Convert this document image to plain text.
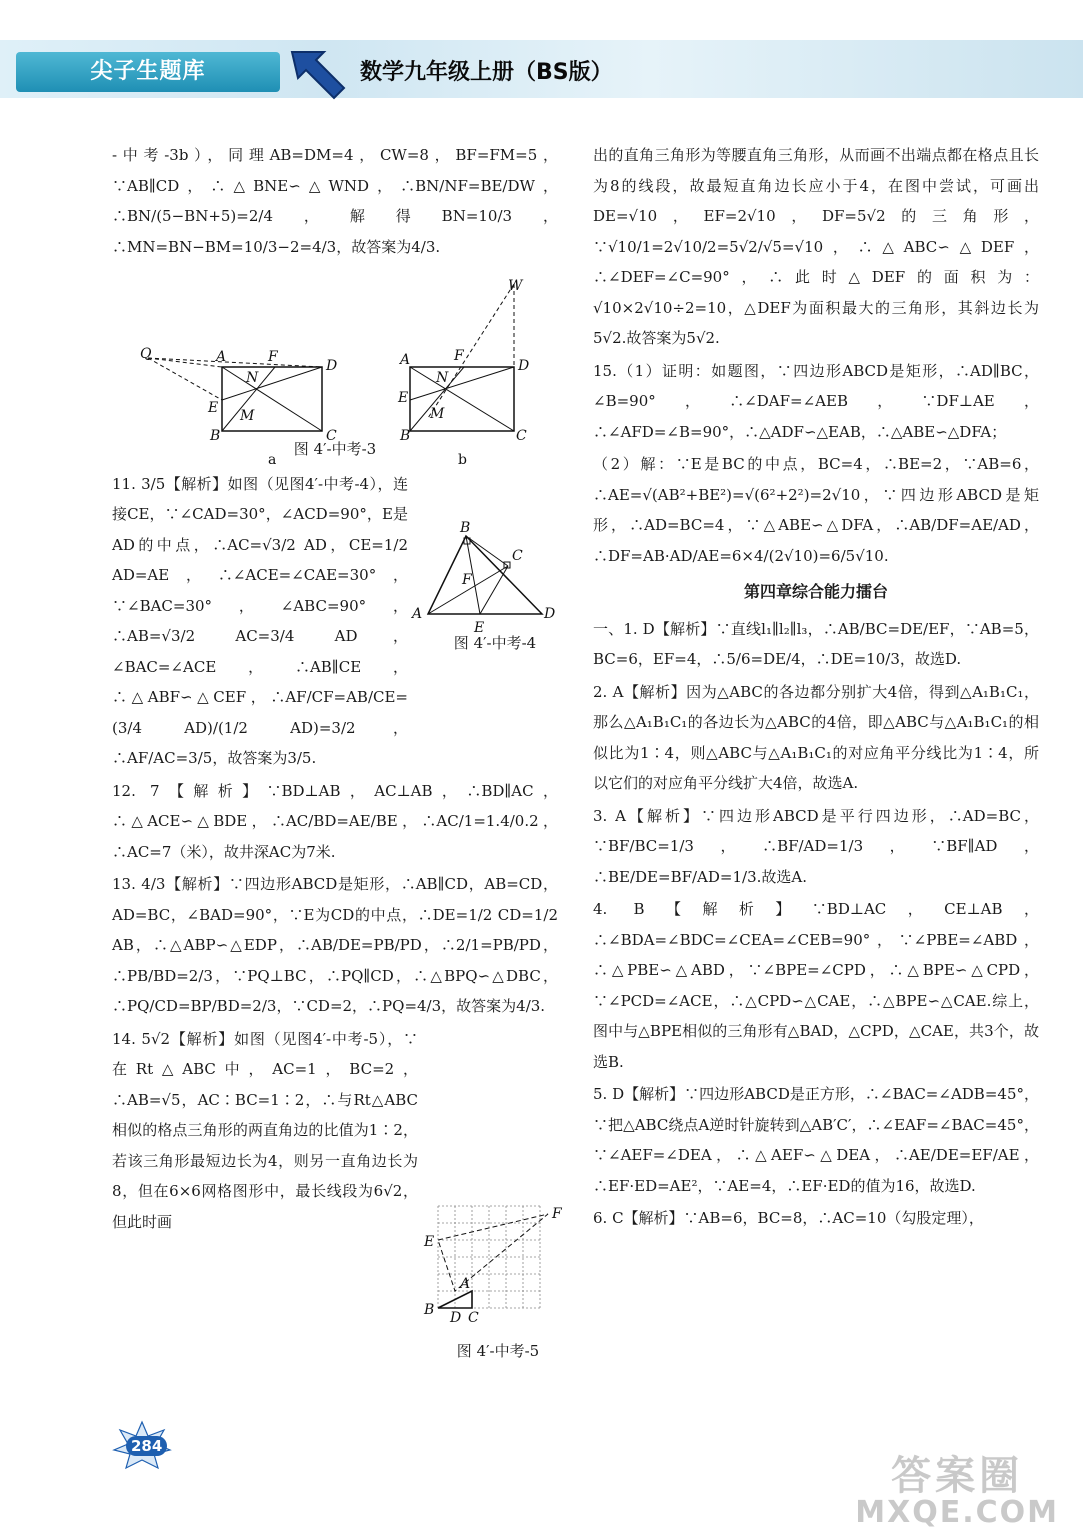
尖子生题库	数学九年级上册（BS版）

-中考-3b），同理AB=DM=4，CW=8，BF=FM=5，∵AB∥CD，∴△BNE∽△WND，∴BN/NF=BE/DW，∴BN/(5−BN+5)=2/4，解得BN=10/3，∴MN=BN−BM=10/3−2=4/3，故答案为4/3.

图 4′-中考-3

11. 3/5【解析】如图（见图4′-中考-4），连接CE，∵∠CAD=30°，∠ACD=90°，E是AD的中点，∴AC=√3/2 AD，CE=1/2 AD=AE，∴∠ACE=∠CAE=30°，∵∠BAC=30°，∠ABC=90°，∴AB=√3/2 AC=3/4 AD，∠BAC=∠ACE，∴AB∥CE，∴△ABF∽△CEF，∴AF/CF=AB/CE=(3/4 AD)/(1/2 AD)=3/2，∴AF/AC=3/5，故答案为3/5.

12. 7【解析】∵BD⊥AB，AC⊥AB，∴BD∥AC，∴△ACE∽△BDE，∴AC/BD=AE/BE，∴AC/1=1.4/0.2，∴AC=7（米），故井深AC为7米.

13. 4/3【解析】∵四边形ABCD是矩形，∴AB∥CD，AB=CD，AD=BC，∠BAD=90°，∵E为CD的中点，∴DE=1/2 CD=1/2 AB，∴△ABP∽△EDP，∴AB/DE=PB/PD，∴2/1=PB/PD，∴PB/BD=2/3，∵PQ⊥BC，∴PQ∥CD，∴△BPQ∽△DBC，∴PQ/CD=BP/BD=2/3，∵CD=2，∴PQ=4/3，故答案为4/3.

14. 5√2【解析】如图（见图4′-中考-5），∵在Rt△ABC中，AC=1，BC=2，∴AB=√5，AC∶BC=1∶2，∴与Rt△ABC相似的格点三角形的两直角边的比值为1∶2，若该三角形最短边长为4，则另一直角边长为8，但在6×6网格图形中，最长线段为6√2，但此时画

Q	A	F
D
N
E M
B	C
a
W
A	F
D
N
E
M
B	C
b
B
C
F
A
E
D
图 4′-中考-4
F
E
A
B D C
图 4′-中考-5

出的直角三角形为等腰直角三角形，从而画不出端点都在格点且长为8的线段，故最短直角边长应小于4，在图中尝试，可画出DE=√10，EF=2√10，DF=5√2的三角形，∵√10/1=2√10/2=5√2/√5=√10，∴△ABC∽△DEF，∴∠DEF=∠C=90°，∴此时△DEF的面积为：√10×2√10÷2=10，△DEF为面积最大的三角形，其斜边长为5√2.故答案为5√2.

15.（1）证明：如题图，∵四边形ABCD是矩形，∴AD∥BC，∠B=90°，∴∠DAF=∠AEB，∵DF⊥AE，∴∠AFD=∠B=90°，∴△ADF∽△EAB，∴△ABE∽△DFA；

（2）解：∵E是BC的中点，BC=4，∴BE=2，∵AB=6，∴AE=√(AB²+BE²)=√(6²+2²)=2√10，∵四边形ABCD是矩形，∴AD=BC=4，∵△ABE∽△DFA，∴AB/DF=AE/AD，∴DF=AB·AD/AE=6×4/(2√10)=6/5√10.

第四章综合能力擂台

一、1. D【解析】∵直线l₁∥l₂∥l₃，∴AB/BC=DE/EF，∵AB=5，BC=6，EF=4，∴5/6=DE/4，∴DE=10/3，故选D.

2. A【解析】因为△ABC的各边都分别扩大4倍，得到△A₁B₁C₁，那么△A₁B₁C₁的各边长为△ABC的4倍，即△ABC与△A₁B₁C₁的相似比为1∶4，则△ABC与△A₁B₁C₁的对应角平分线比为1∶4，所以它们的对应角平分线扩大4倍，故选A.

3. A【解析】∵四边形ABCD是平行四边形，∴AD=BC，∵BF/BC=1/3，∴BF/AD=1/3，∵BF∥AD，∴BE/DE=BF/AD=1/3.故选A.

4. B【解析】∵BD⊥AC，CE⊥AB，∴∠BDA=∠BDC=∠CEA=∠CEB=90°，∵∠PBE=∠ABD，∴△PBE∽△ABD，∵∠BPE=∠CPD，∴△BPE∽△CPD，∵∠PCD=∠ACE，∴△CPD∽△CAE，∴△BPE∽△CAE.综上，图中与△BPE相似的三角形有△BAD，△CPD，△CAE，共3个，故选B.

5. D【解析】∵四边形ABCD是正方形，∴∠BAC=∠ADB=45°，∵把△ABC绕点A逆时针旋转到△AB′C′，∴∠EAF=∠BAC=45°，∵∠AEF=∠DEA，∴△AEF∽△DEA，∴AE/DE=EF/AE，∴EF·ED=AE²，∵AE=4，∴EF·ED的值为16，故选D.

6. C【解析】∵AB=6，BC=8，∴AC=10（勾股定理），

284
答案圈
MXQE.COM
